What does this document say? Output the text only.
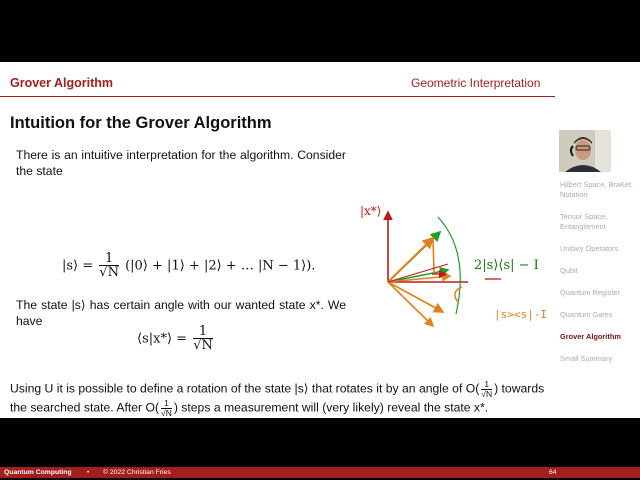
Grover Algorithm	Geometric Interpretation
Intuition for the Grover Algorithm
There is an intuitive interpretation for the algorithm. Consider the state
|s⟩ = $\frac{1}{√N}$ (|0⟩ + |1⟩ + |2⟩ + … |N − 1⟩).
The state |s⟩ has certain angle with our wanted state x*. We have
⟨s|x*⟩ = $\frac{1}{√N}$
Using U it is possible to define a rotation of the state |s⟩ that rotates it by an angle of $O( \frac{1}{√N}$ ) towards the searched state. After $O( \frac{1}{√N}$ ) steps a measurement will (very likely) reveal the state x*.
|x*⟩
2|s⟩⟨s| − I
|s><s|-I
Hilbert Space, BraKet Notation
Tensor Space, Entanglement
Unitary Operators
Qubit
Quantum Register
Quantum Gates
Grover Algorithm
Small Summary
Quantum Computing • © 2022 Christian Fries	64
